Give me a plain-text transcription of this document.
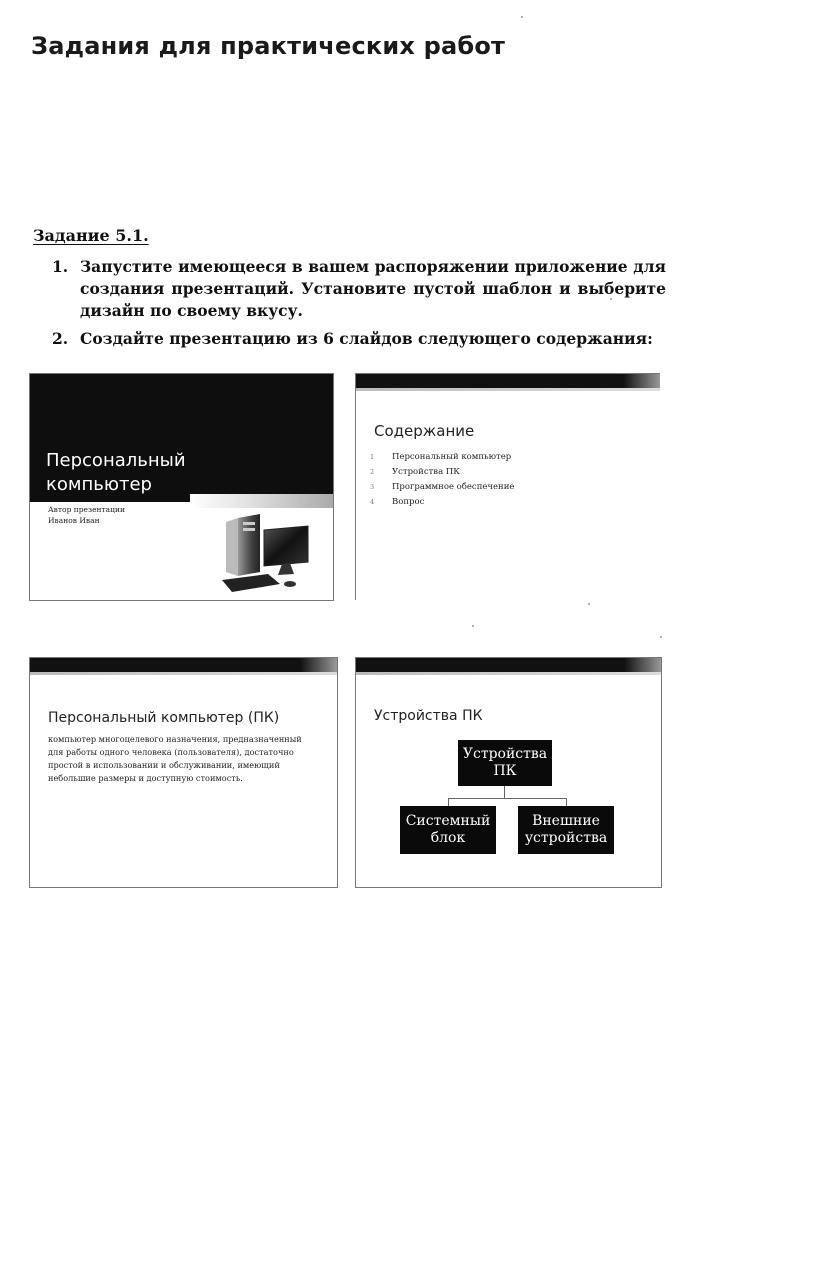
Задания для практических работ
Задание 5.1.
1. Запустите имеющееся в вашем распоряжении приложение для создания презентаций. Установите пустой шаблон и выберите дизайн по своему вкусу.
2. Создайте презентацию из 6 слайдов следующего содержания:
Персональный компьютер
Автор презентации
Иванов Иван
Содержание
1	Персональный компьютер
2	Устройства ПК
3	Программное обеспечение
4	Вопрос
Персональный компьютер (ПК)
компьютер многоцелевого назначения, предназначенный для работы одного человека (пользователя), достаточно простой в использовании и обслуживании, имеющий небольшие размеры и доступную стоимость.
Устройства ПК
Устройства ПК
Системный блок
Внешние устройства
